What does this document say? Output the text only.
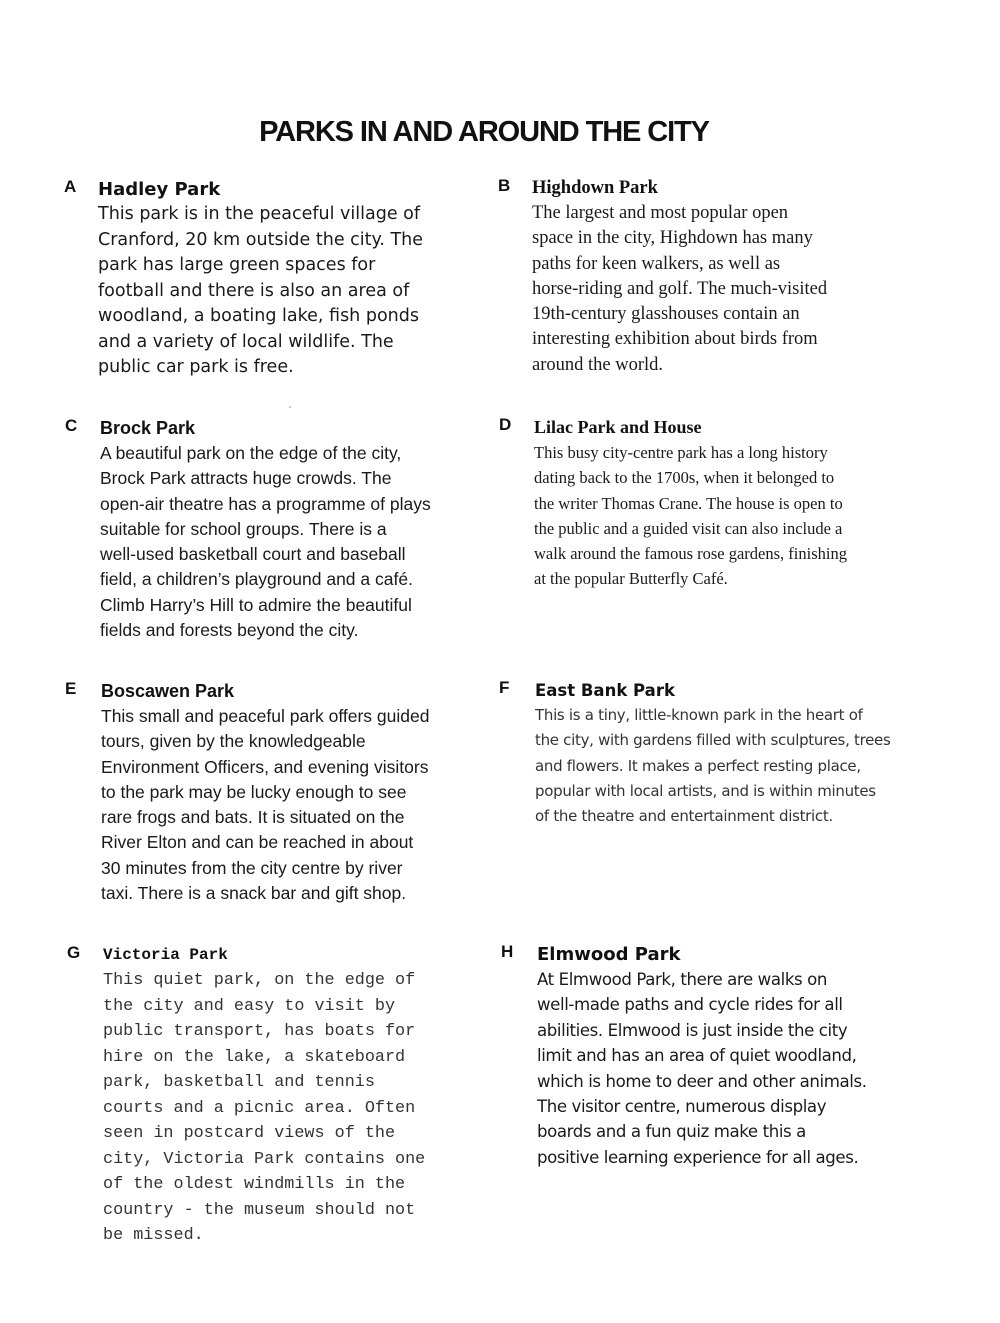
PARKS IN AND AROUND THE CITY
A Hadley Park

This park is in the peaceful village of
Cranford, 20 km outside the city. The
park has large green spaces for
football and there is also an area of
woodland, a boating lake, fish ponds
and a variety of local wildlife. The
public car park is free.

B Highdown Park

The largest and most popular open
space in the city, Highdown has many
paths for keen walkers, as well as
horse-riding and golf. The much-visited
19th-century glasshouses contain an
interesting exhibition about birds from
around the world.

C Brock Park

A beautiful park on the edge of the city,
Brock Park attracts huge crowds. The
open-air theatre has a programme of plays
suitable for school groups. There is a
well-used basketball court and baseball
field, a children’s playground and a café.
Climb Harry’s Hill to admire the beautiful
fields and forests beyond the city.

D Lilac Park and House

This busy city-centre park has a long history
dating back to the 1700s, when it belonged to
the writer Thomas Crane. The house is open to
the public and a guided visit can also include a
walk around the famous rose gardens, finishing
at the popular Butterfly Café.

E Boscawen Park

This small and peaceful park offers guided
tours, given by the knowledgeable
Environment Officers, and evening visitors
to the park may be lucky enough to see
rare frogs and bats. It is situated on the
River Elton and can be reached in about
30 minutes from the city centre by river
taxi. There is a snack bar and gift shop.

F East Bank Park

This is a tiny, little-known park in the heart of
the city, with gardens filled with sculptures, trees
and flowers. It makes a perfect resting place,
popular with local artists, and is within minutes
of the theatre and entertainment district.

G Victoria Park

This quiet park, on the edge of
the city and easy to visit by
public transport, has boats for
hire on the lake, a skateboard
park, basketball and tennis
courts and a picnic area. Often
seen in postcard views of the
city, Victoria Park contains one
of the oldest windmills in the
country - the museum should not
be missed.

H Elmwood Park

At Elmwood Park, there are walks on
well-made paths and cycle rides for all
abilities. Elmwood is just inside the city
limit and has an area of quiet woodland,
which is home to deer and other animals.
The visitor centre, numerous display
boards and a fun quiz make this a
positive learning experience for all ages.
